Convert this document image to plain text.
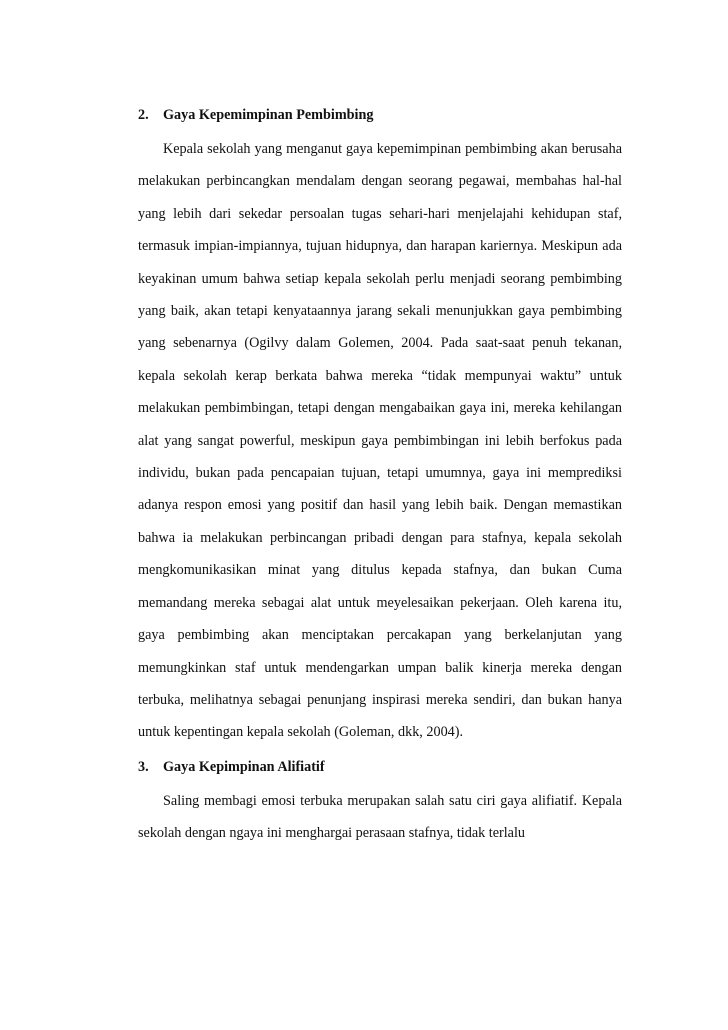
2. Gaya Kepemimpinan Pembimbing

Kepala sekolah yang menganut gaya kepemimpinan pembimbing akan berusaha melakukan perbincangkan mendalam dengan seorang pegawai, membahas hal-hal yang lebih dari sekedar persoalan tugas sehari-hari menjelajahi kehidupan staf, termasuk impian-impiannya, tujuan hidupnya, dan harapan kariernya. Meskipun ada keyakinan umum bahwa setiap kepala sekolah perlu menjadi seorang pembimbing yang baik, akan tetapi kenyataannya jarang sekali menunjukkan gaya pembimbing yang sebenarnya (Ogilvy dalam Golemen, 2004. Pada saat-saat penuh tekanan, kepala sekolah kerap berkata bahwa mereka “tidak mempunyai waktu” untuk melakukan pembimbingan, tetapi dengan mengabaikan gaya ini, mereka kehilangan alat yang sangat powerful, meskipun gaya pembimbingan ini lebih berfokus pada individu, bukan pada pencapaian tujuan, tetapi umumnya, gaya ini memprediksi adanya respon emosi yang positif dan hasil yang lebih baik. Dengan memastikan bahwa ia melakukan perbincangan pribadi dengan para stafnya, kepala sekolah mengkomunikasikan minat yang ditulus kepada stafnya, dan bukan Cuma memandang mereka sebagai alat untuk meyelesaikan pekerjaan. Oleh karena itu, gaya pembimbing akan menciptakan percakapan yang berkelanjutan yang memungkinkan staf untuk mendengarkan umpan balik kinerja mereka dengan terbuka, melihatnya sebagai penunjang inspirasi mereka sendiri, dan bukan hanya untuk kepentingan kepala sekolah (Goleman, dkk, 2004).

3. Gaya Kepimpinan Alifiatif

Saling membagi emosi terbuka merupakan salah satu ciri gaya alifiatif. Kepala sekolah dengan ngaya ini menghargai perasaan stafnya, tidak terlalu
